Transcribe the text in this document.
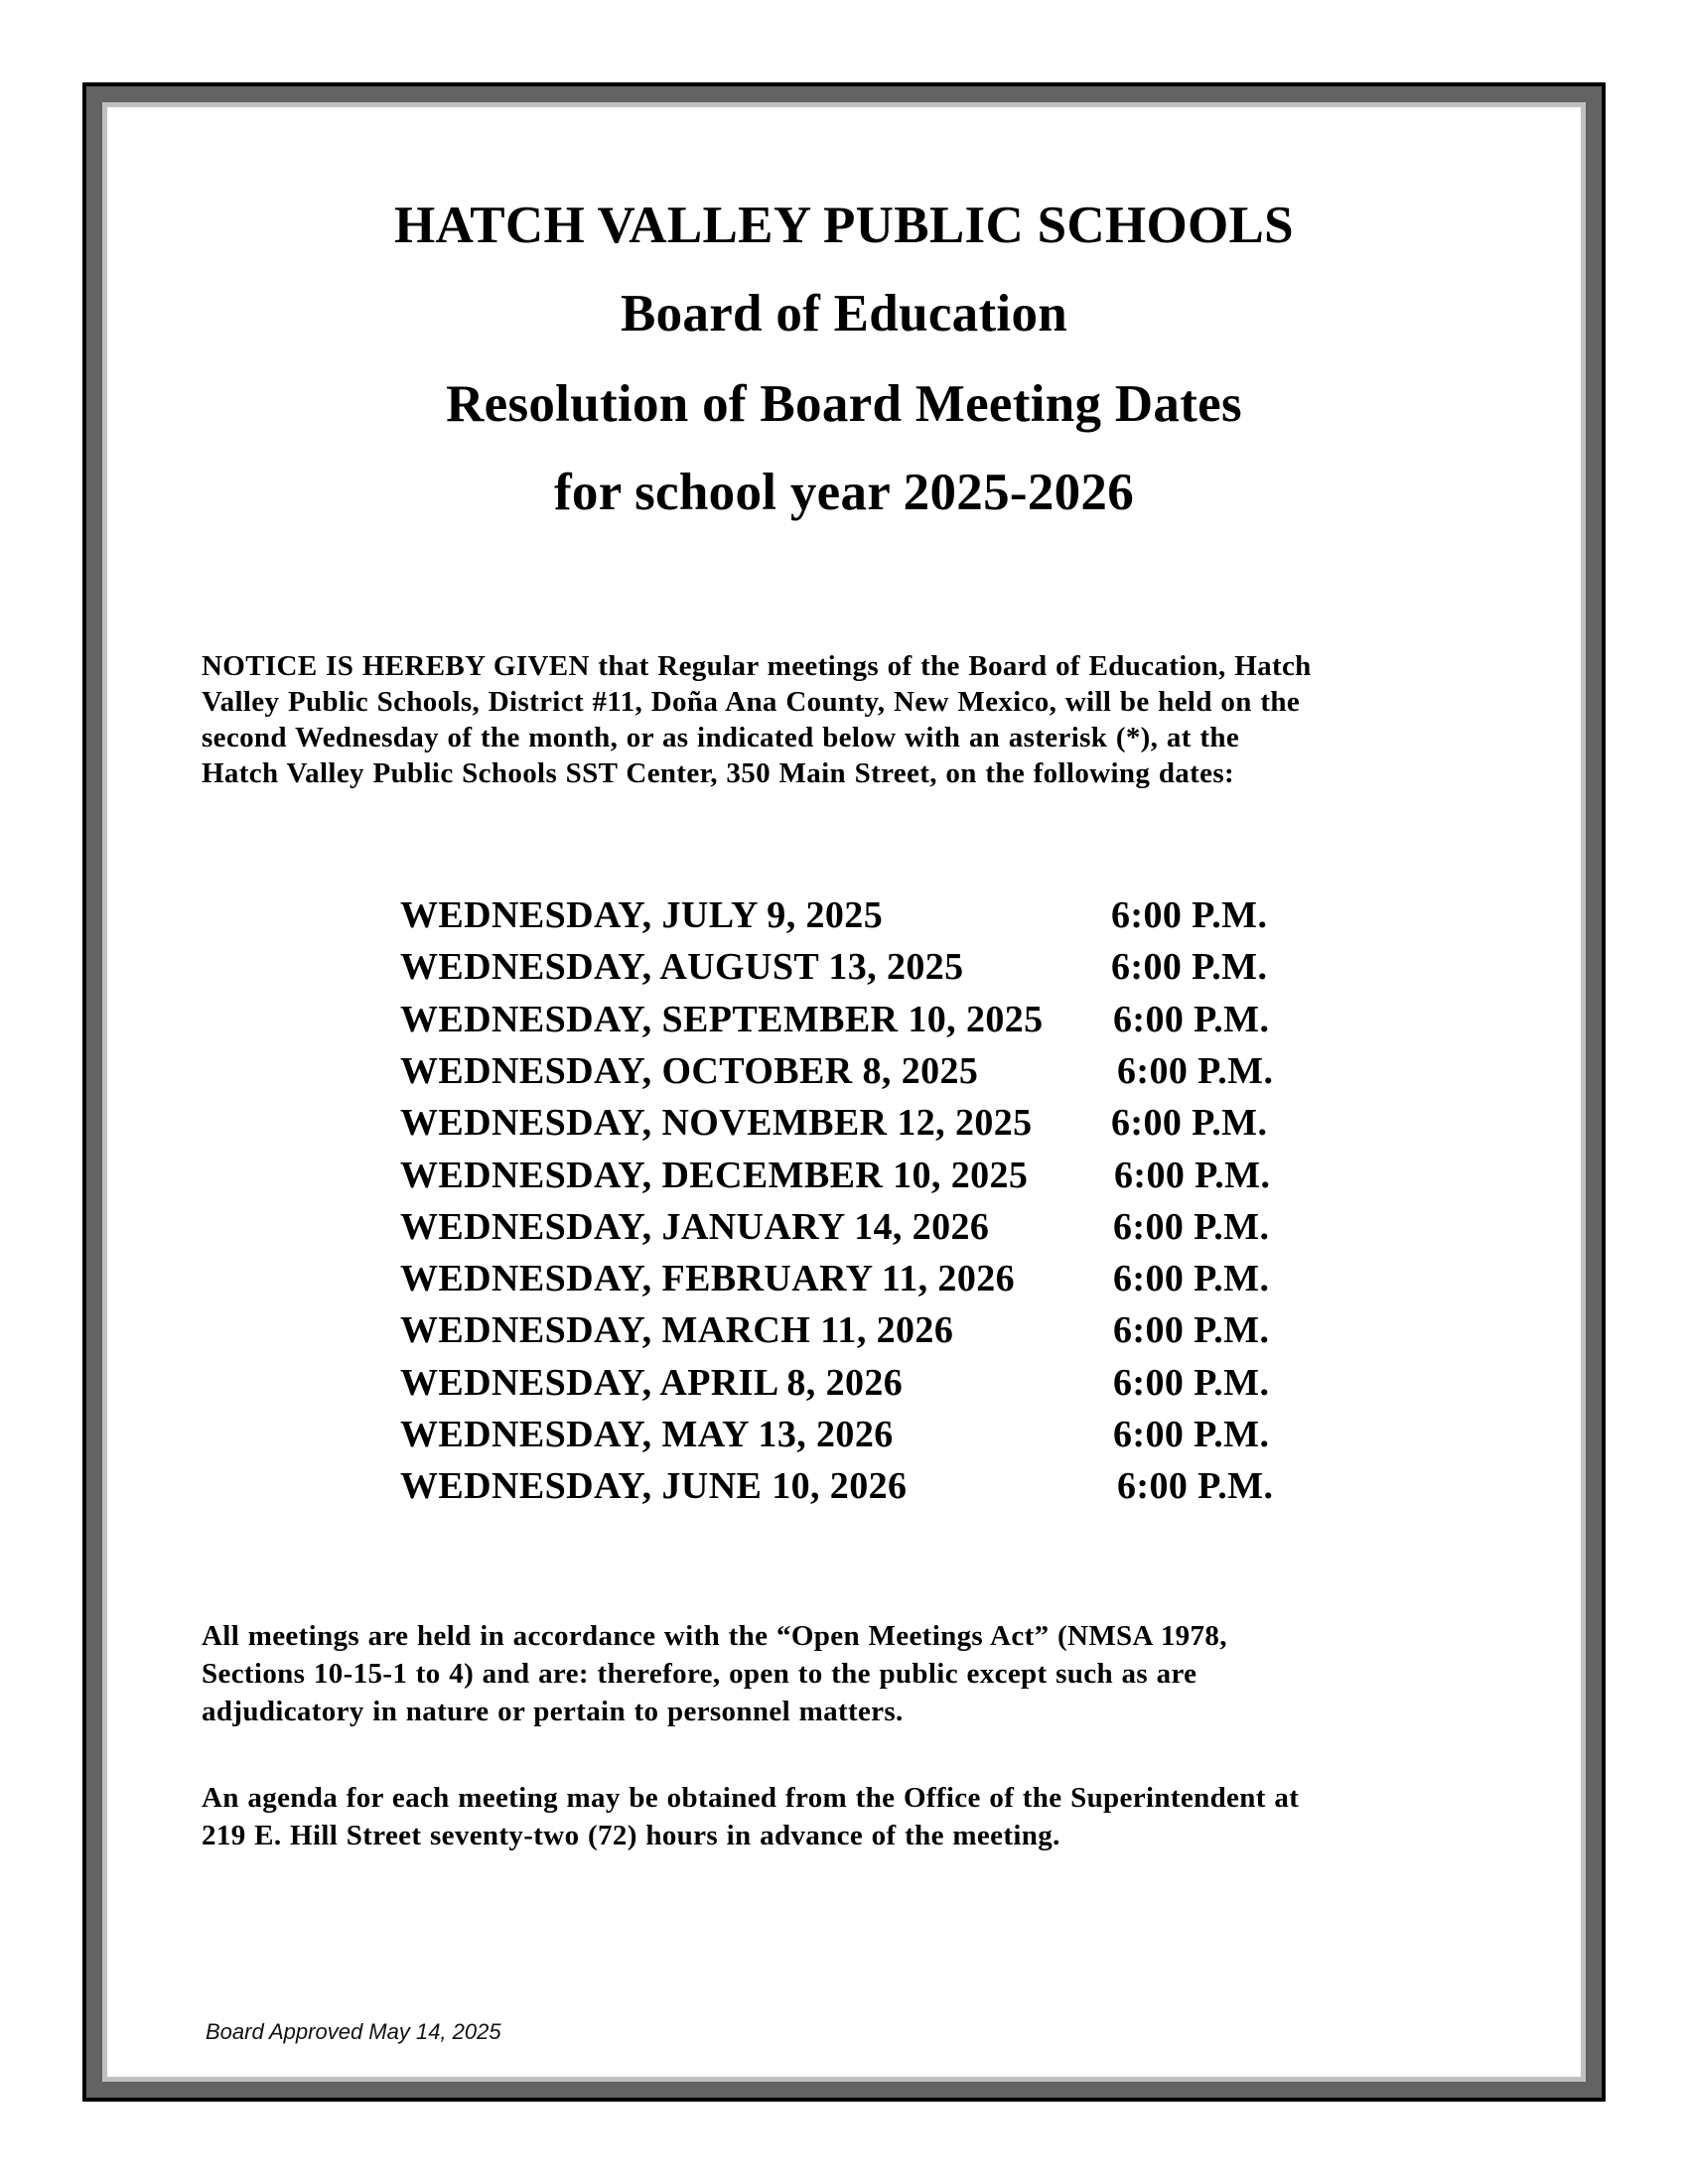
HATCH VALLEY PUBLIC SCHOOLS
Board of Education
Resolution of Board Meeting Dates
for school year 2025-2026
NOTICE IS HEREBY GIVEN that Regular meetings of the Board of Education, Hatch
Valley Public Schools, District #11, Doña Ana County, New Mexico, will be held on the
second Wednesday of the month, or as indicated below with an asterisk (*), at the
Hatch Valley Public Schools SST Center, 350 Main Street, on the following dates:
WEDNESDAY, JULY 9, 2025	6:00 P.M.
WEDNESDAY, AUGUST 13, 2025	6:00 P.M.
WEDNESDAY, SEPTEMBER 10, 2025 6:00 P.M.
WEDNESDAY, OCTOBER 8, 2025	6:00 P.M.
WEDNESDAY, NOVEMBER 12, 2025 6:00 P.M.
WEDNESDAY, DECEMBER 10, 2025 6:00 P.M.
WEDNESDAY, JANUARY 14, 2026	6:00 P.M.
WEDNESDAY, FEBRUARY 11, 2026	6:00 P.M.
WEDNESDAY, MARCH 11, 2026	6:00 P.M.
WEDNESDAY, APRIL 8, 2026	6:00 P.M.
WEDNESDAY, MAY 13, 2026	6:00 P.M.
WEDNESDAY, JUNE 10, 2026	6:00 P.M.
All meetings are held in accordance with the “Open Meetings Act” (NMSA 1978,
Sections 10-15-1 to 4) and are: therefore, open to the public except such as are
adjudicatory in nature or pertain to personnel matters.
An agenda for each meeting may be obtained from the Office of the Superintendent at
219 E. Hill Street seventy-two (72) hours in advance of the meeting.
Board Approved May 14, 2025
